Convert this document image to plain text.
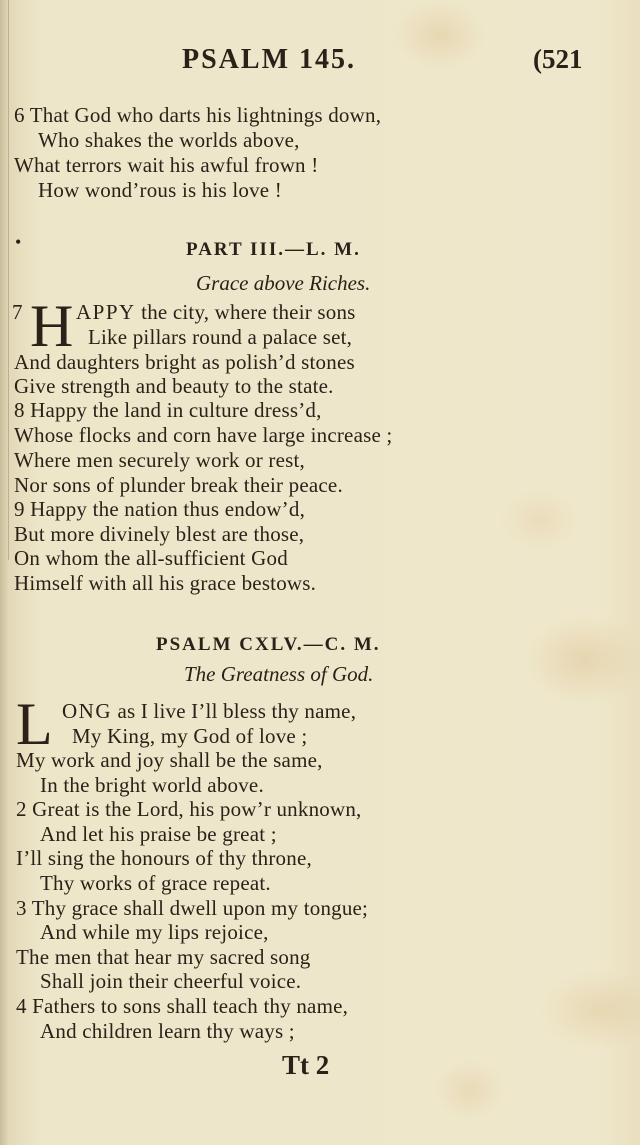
PSALM 145.	(521
6 That God who darts his lightnings down,
Who shakes the worlds above,
What terrors wait his awful frown !
How wond’rous is his love !
•	PART III.—L. M.
Grace above Riches.
7 H APPY the city, where their sons
Like pillars round a palace set,
And daughters bright as polish’d stones
Give strength and beauty to the state.
8 Happy the land in culture dress’d,
Whose flocks and corn have large increase ;
Where men securely work or rest,
Nor sons of plunder break their peace.
9 Happy the nation thus endow’d,
But more divinely blest are those,
On whom the all-sufficient God
Himself with all his grace bestows.
PSALM CXLV.—C. M.
The Greatness of God.
L ONG as I live I’ll bless thy name,
My King, my God of love ;
My work and joy shall be the same,
In the bright world above.
2 Great is the Lord, his pow’r unknown,
And let his praise be great ;
I’ll sing the honours of thy throne,
Thy works of grace repeat.
3 Thy grace shall dwell upon my tongue;
And while my lips rejoice,
The men that hear my sacred song
Shall join their cheerful voice.
4 Fathers to sons shall teach thy name,
And children learn thy ways ;
Tt 2
